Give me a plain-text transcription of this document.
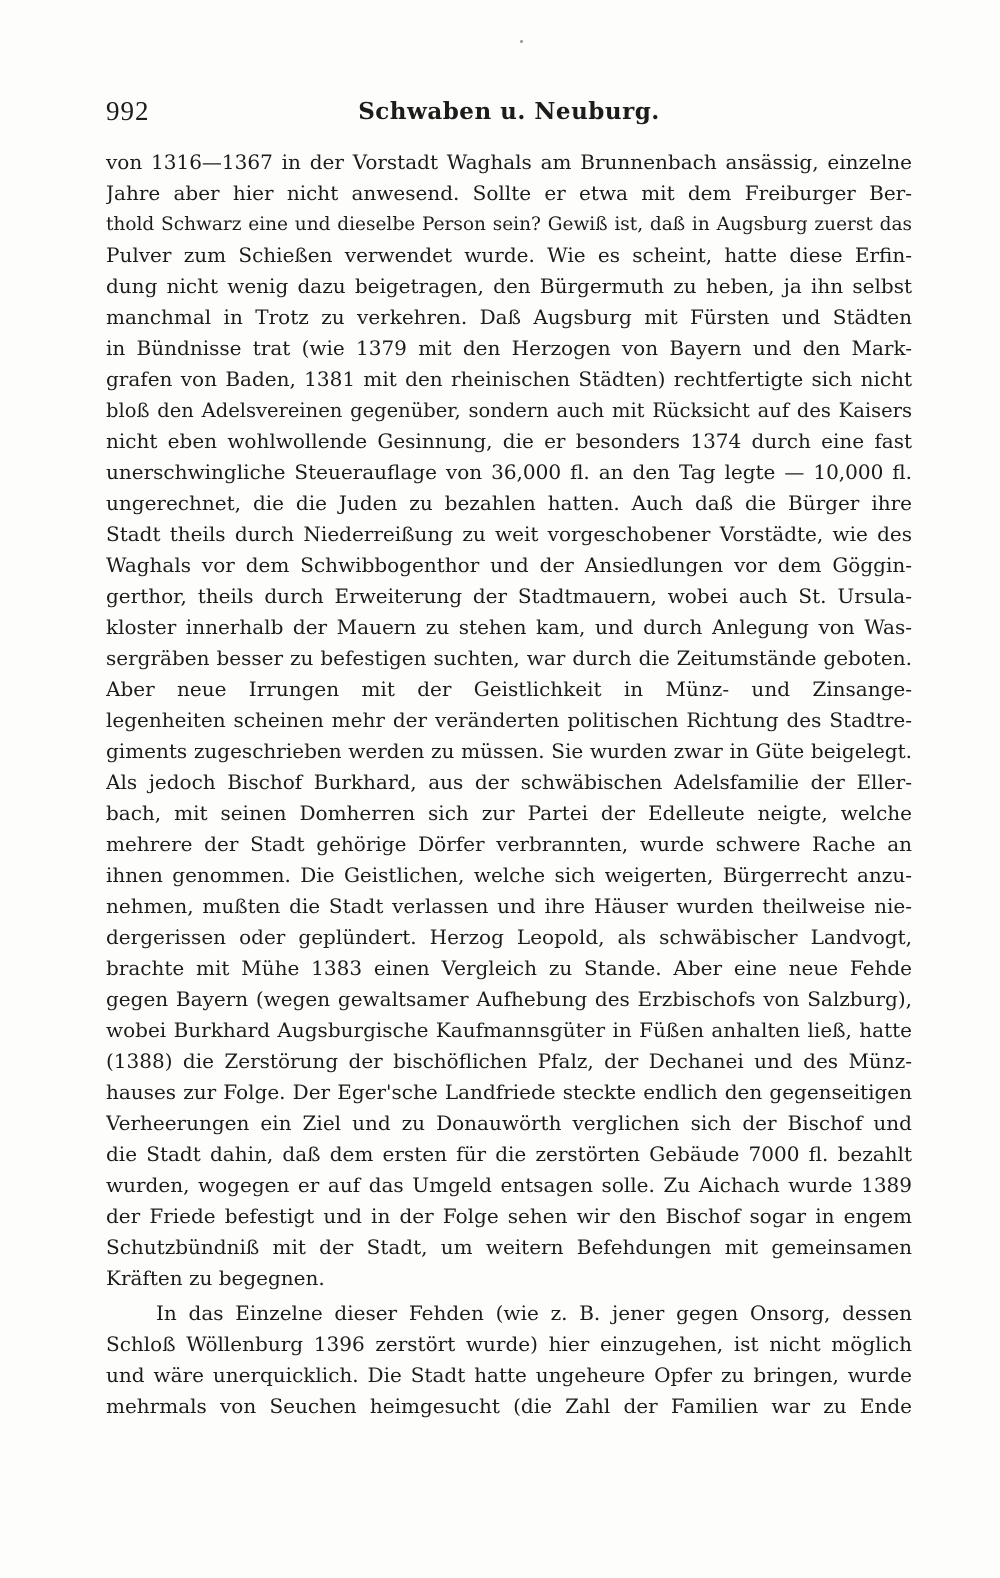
992	Schwaben u. Neuburg.
von 1316—1367 in der Vorstadt Waghals am Brunnenbach ansässig, einzelne
Jahre aber hier nicht anwesend. Sollte er etwa mit dem Freiburger Ber-
thold Schwarz eine und dieselbe Person sein? Gewiß ist, daß in Augsburg zuerst das
Pulver zum Schießen verwendet wurde. Wie es scheint, hatte diese Erfin-
dung nicht wenig dazu beigetragen, den Bürgermuth zu heben, ja ihn selbst
manchmal in Trotz zu verkehren. Daß Augsburg mit Fürsten und Städten
in Bündnisse trat (wie 1379 mit den Herzogen von Bayern und den Mark-
grafen von Baden, 1381 mit den rheinischen Städten) rechtfertigte sich nicht
bloß den Adelsvereinen gegenüber, sondern auch mit Rücksicht auf des Kaisers
nicht eben wohlwollende Gesinnung, die er besonders 1374 durch eine fast
unerschwingliche Steuerauflage von 36,000 fl. an den Tag legte — 10,000 fl.
ungerechnet, die die Juden zu bezahlen hatten. Auch daß die Bürger ihre
Stadt theils durch Niederreißung zu weit vorgeschobener Vorstädte, wie des
Waghals vor dem Schwibbogenthor und der Ansiedlungen vor dem Göggin-
gerthor, theils durch Erweiterung der Stadtmauern, wobei auch St. Ursula-
kloster innerhalb der Mauern zu stehen kam, und durch Anlegung von Was-
sergräben besser zu befestigen suchten, war durch die Zeitumstände geboten.
Aber neue Irrungen mit der Geistlichkeit in Münz- und Zinsange-
legenheiten scheinen mehr der veränderten politischen Richtung des Stadtre-
giments zugeschrieben werden zu müssen. Sie wurden zwar in Güte beigelegt.
Als jedoch Bischof Burkhard, aus der schwäbischen Adelsfamilie der Eller-
bach, mit seinen Domherren sich zur Partei der Edelleute neigte, welche
mehrere der Stadt gehörige Dörfer verbrannten, wurde schwere Rache an
ihnen genommen. Die Geistlichen, welche sich weigerten, Bürgerrecht anzu-
nehmen, mußten die Stadt verlassen und ihre Häuser wurden theilweise nie-
dergerissen oder geplündert. Herzog Leopold, als schwäbischer Landvogt,
brachte mit Mühe 1383 einen Vergleich zu Stande. Aber eine neue Fehde
gegen Bayern (wegen gewaltsamer Aufhebung des Erzbischofs von Salzburg),
wobei Burkhard Augsburgische Kaufmannsgüter in Füßen anhalten ließ, hatte
(1388) die Zerstörung der bischöflichen Pfalz, der Dechanei und des Münz-
hauses zur Folge. Der Eger'sche Landfriede steckte endlich den gegenseitigen
Verheerungen ein Ziel und zu Donauwörth verglichen sich der Bischof und
die Stadt dahin, daß dem ersten für die zerstörten Gebäude 7000 fl. bezahlt
wurden, wogegen er auf das Umgeld entsagen solle. Zu Aichach wurde 1389
der Friede befestigt und in der Folge sehen wir den Bischof sogar in engem
Schutzbündniß mit der Stadt, um weitern Befehdungen mit gemeinsamen
Kräften zu begegnen.
In das Einzelne dieser Fehden (wie z. B. jener gegen Onsorg, dessen
Schloß Wöllenburg 1396 zerstört wurde) hier einzugehen, ist nicht möglich
und wäre unerquicklich. Die Stadt hatte ungeheure Opfer zu bringen, wurde
mehrmals von Seuchen heimgesucht (die Zahl der Familien war zu Ende
